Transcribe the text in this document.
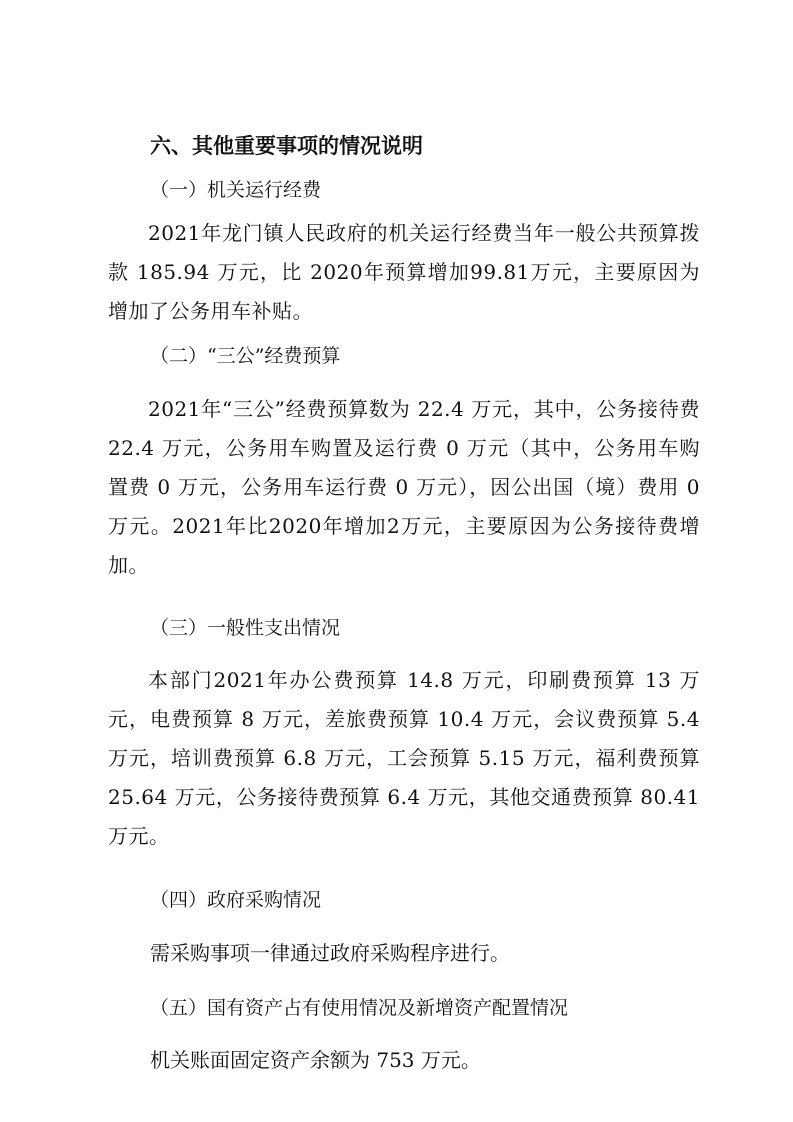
六、其他重要事项的情况说明
（一）机关运行经费

2021年龙门镇人民政府的机关运行经费当年一般公共预算拨款 185.94 万元，比 2020年预算增加99.81万元，主要原因为增加了公务用车补贴。

（二）“三公”经费预算

2021年“三公”经费预算数为 22.4 万元，其中，公务接待费 22.4 万元，公务用车购置及运行费 0 万元（其中，公务用车购置费 0 万元，公务用车运行费 0 万元），因公出国（境）费用 0 万元。2021年比2020年增加2万元，主要原因为公务接待费增加。

（三）一般性支出情况

本部门2021年办公费预算 14.8 万元，印刷费预算 13 万元，电费预算 8 万元，差旅费预算 10.4 万元，会议费预算 5.4 万元，培训费预算 6.8 万元，工会预算 5.15 万元，福利费预算 25.64 万元，公务接待费预算 6.4 万元，其他交通费预算 80.41 万元。

（四）政府采购情况
需采购事项一律通过政府采购程序进行。
（五）国有资产占有使用情况及新增资产配置情况
机关账面固定资产余额为 753 万元。
